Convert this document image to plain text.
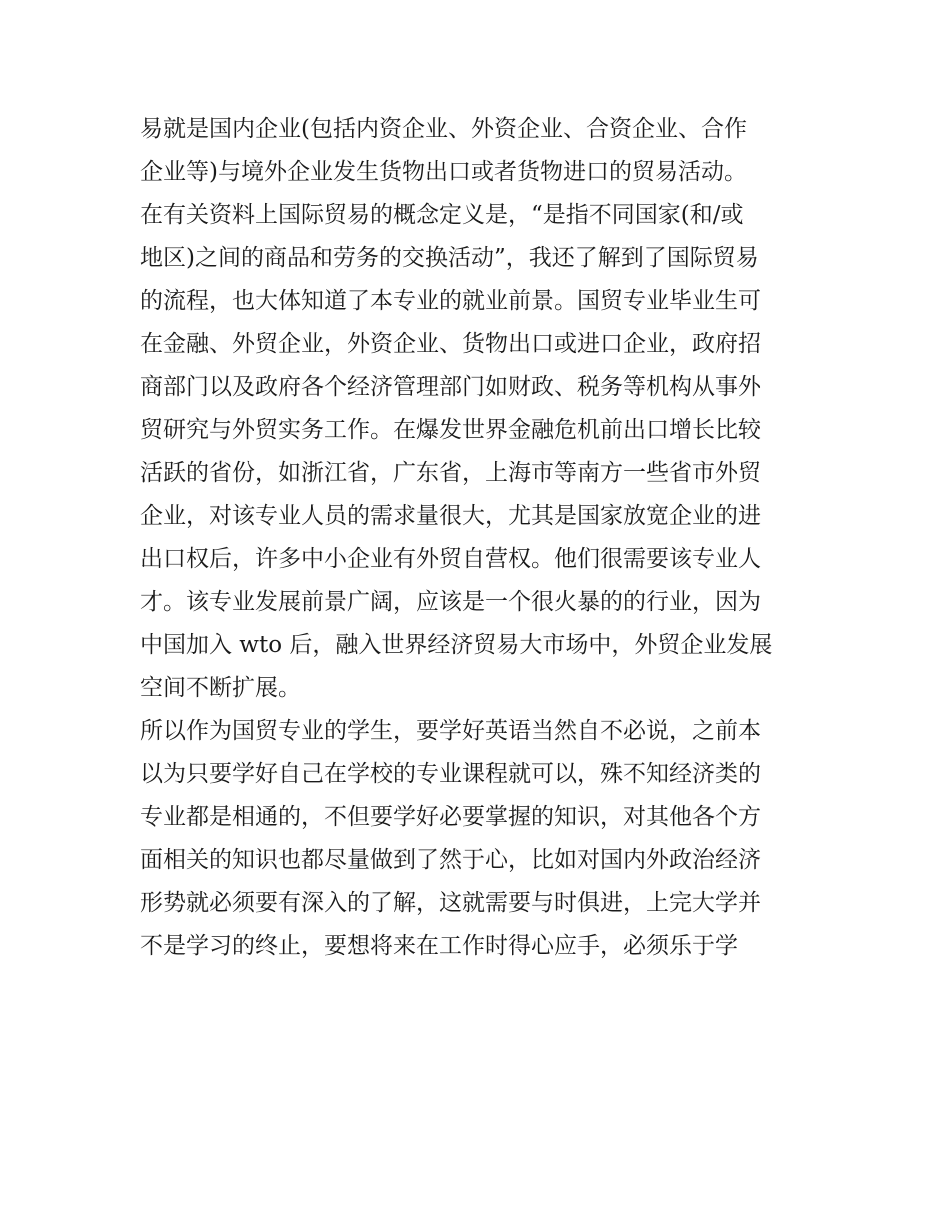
易就是国内企业(包括内资企业、外资企业、合资企业、合作
企业等)与境外企业发生货物出口或者货物进口的贸易活动。
在有关资料上国际贸易的概念定义是，“是指不同国家(和/或
地区)之间的商品和劳务的交换活动”，我还了解到了国际贸易
的流程，也大体知道了本专业的就业前景。国贸专业毕业生可
在金融、外贸企业，外资企业、货物出口或进口企业，政府招
商部门以及政府各个经济管理部门如财政、税务等机构从事外
贸研究与外贸实务工作。在爆发世界金融危机前出口增长比较
活跃的省份，如浙江省，广东省，上海市等南方一些省市外贸
企业，对该专业人员的需求量很大，尤其是国家放宽企业的进
出口权后，许多中小企业有外贸自营权。他们很需要该专业人
才。该专业发展前景广阔，应该是一个很火暴的的行业，因为
中国加入 wto 后，融入世界经济贸易大市场中，外贸企业发展
空间不断扩展。
所以作为国贸专业的学生，要学好英语当然自不必说，之前本
以为只要学好自己在学校的专业课程就可以，殊不知经济类的
专业都是相通的，不但要学好必要掌握的知识，对其他各个方
面相关的知识也都尽量做到了然于心，比如对国内外政治经济
形势就必须要有深入的了解，这就需要与时俱进，上完大学并
不是学习的终止，要想将来在工作时得心应手，必须乐于学
